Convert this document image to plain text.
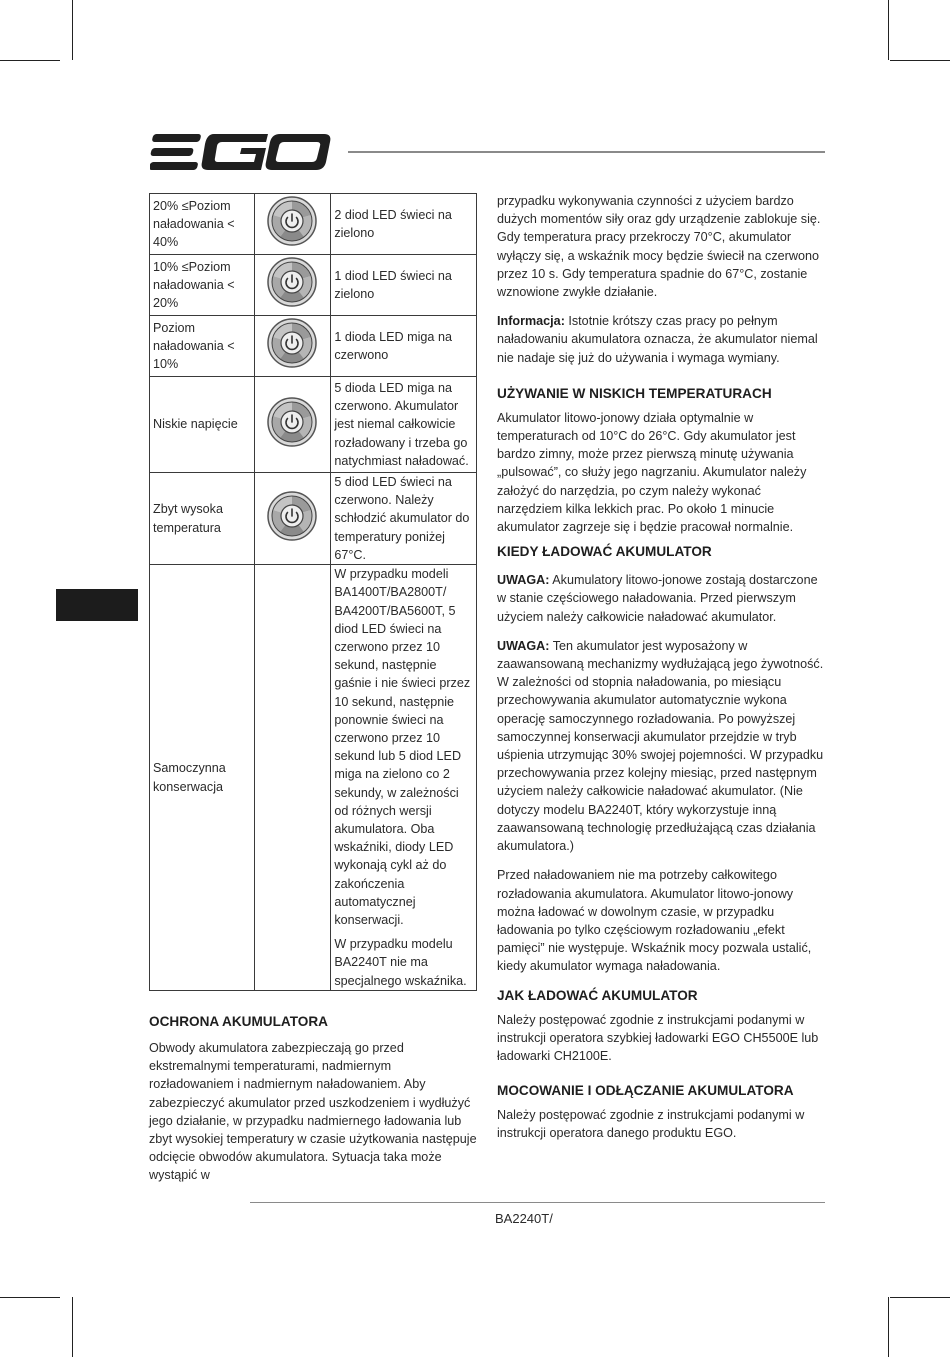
20% ≤Poziom naładowania < 40%		2 diod LED świeci na zielono

10% ≤Poziom naładowania < 20%		1 diod LED świeci na zielono

Poziom naładowania < 10%		1 dioda LED miga na czerwono

Niskie napięcie		5 dioda LED miga na czerwono. Akumulator jest niemal całkowicie rozładowany i trzeba go natychmiast naładować.

Zbyt wysoka temperatura		5 diod LED świeci na czerwono. Należy schłodzić akumulator do temperatury poniżej 67°C.

Samoczynna konserwacja		W przypadku modeli BA1400T/BA2800T/ BA4200T/BA5600T, 5 diod LED świeci na czerwono przez 10 sekund, następnie gaśnie i nie świeci przez 10 sekund, następnie ponownie świeci na czerwono przez 10 sekund lub 5 diod LED miga na zielono co 2 sekundy, w zależności od różnych wersji akumulatora. Oba wskaźniki, diody LED wykonają cykl aż do zakończenia automatycznej konserwacji.

W przypadku modelu BA2240T nie ma specjalnego wskaźnika.

OCHRONA AKUMULATORA

Obwody akumulatora zabezpieczają go przed ekstremalnymi temperaturami, nadmiernym rozładowaniem i nadmiernym naładowaniem. Aby zabezpieczyć akumulator przed uszkodzeniem i wydłużyć jego działanie, w przypadku nadmiernego ładowania lub zbyt wysokiej temperatury w czasie użytkowania następuje odcięcie obwodów akumulatora. Sytuacja taka może wystąpić w

przypadku wykonywania czynności z użyciem bardzo dużych momentów siły oraz gdy urządzenie zablokuje się. Gdy temperatura pracy przekroczy 70°C, akumulator wyłączy się, a wskaźnik mocy będzie świecił na czerwono przez 10 s. Gdy temperatura spadnie do 67°C, zostanie wznowione zwykłe działanie.

Informacja: Istotnie krótszy czas pracy po pełnym naładowaniu akumulatora oznacza, że akumulator niemal nie nadaje się już do używania i wymaga wymiany.

UŻYWANIE W NISKICH TEMPERATURACH

Akumulator litowo-jonowy działa optymalnie w temperaturach od 10°C do 26°C. Gdy akumulator jest bardzo zimny, może przez pierwszą minutę używania „pulsować”, co służy jego nagrzaniu. Akumulator należy założyć do narzędzia, po czym należy wykonać narzędziem kilka lekkich prac. Po około 1 minucie akumulator zagrzeje się i będzie pracował normalnie.

KIEDY ŁADOWAĆ AKUMULATOR

UWAGA: Akumulatory litowo-jonowe zostają dostarczone w stanie częściowego naładowania. Przed pierwszym użyciem należy całkowicie naładować akumulator.

UWAGA: Ten akumulator jest wyposażony w zaawansowaną mechanizmy wydłużającą jego żywotność. W zależności od stopnia naładowania, po miesiącu przechowywania akumulator automatycznie wykona operację samoczynnego rozładowania. Po powyższej samoczynnej konserwacji akumulator przejdzie w tryb uśpienia utrzymując 30% swojej pojemności. W przypadku przechowywania przez kolejny miesiąc, przed następnym użyciem należy całkowicie naładować akumulator. (Nie dotyczy modelu BA2240T, który wykorzystuje inną zaawansowaną technologię przedłużającą czas działania akumulatora.)

Przed naładowaniem nie ma potrzeby całkowitego rozładowania akumulatora. Akumulator litowo-jonowy można ładować w dowolnym czasie, w przypadku ładowania po tylko częściowym rozładowaniu „efekt pamięci” nie występuje. Wskaźnik mocy pozwala ustalić, kiedy akumulator wymaga naładowania.

JAK ŁADOWAĆ AKUMULATOR

Należy postępować zgodnie z instrukcjami podanymi w instrukcji operatora szybkiej ładowarki EGO CH5500E lub ładowarki CH2100E.

MOCOWANIE I ODŁĄCZANIE AKUMULATORA

Należy postępować zgodnie z instrukcjami podanymi w instrukcji operatora danego produktu EGO.

BA2240T/
